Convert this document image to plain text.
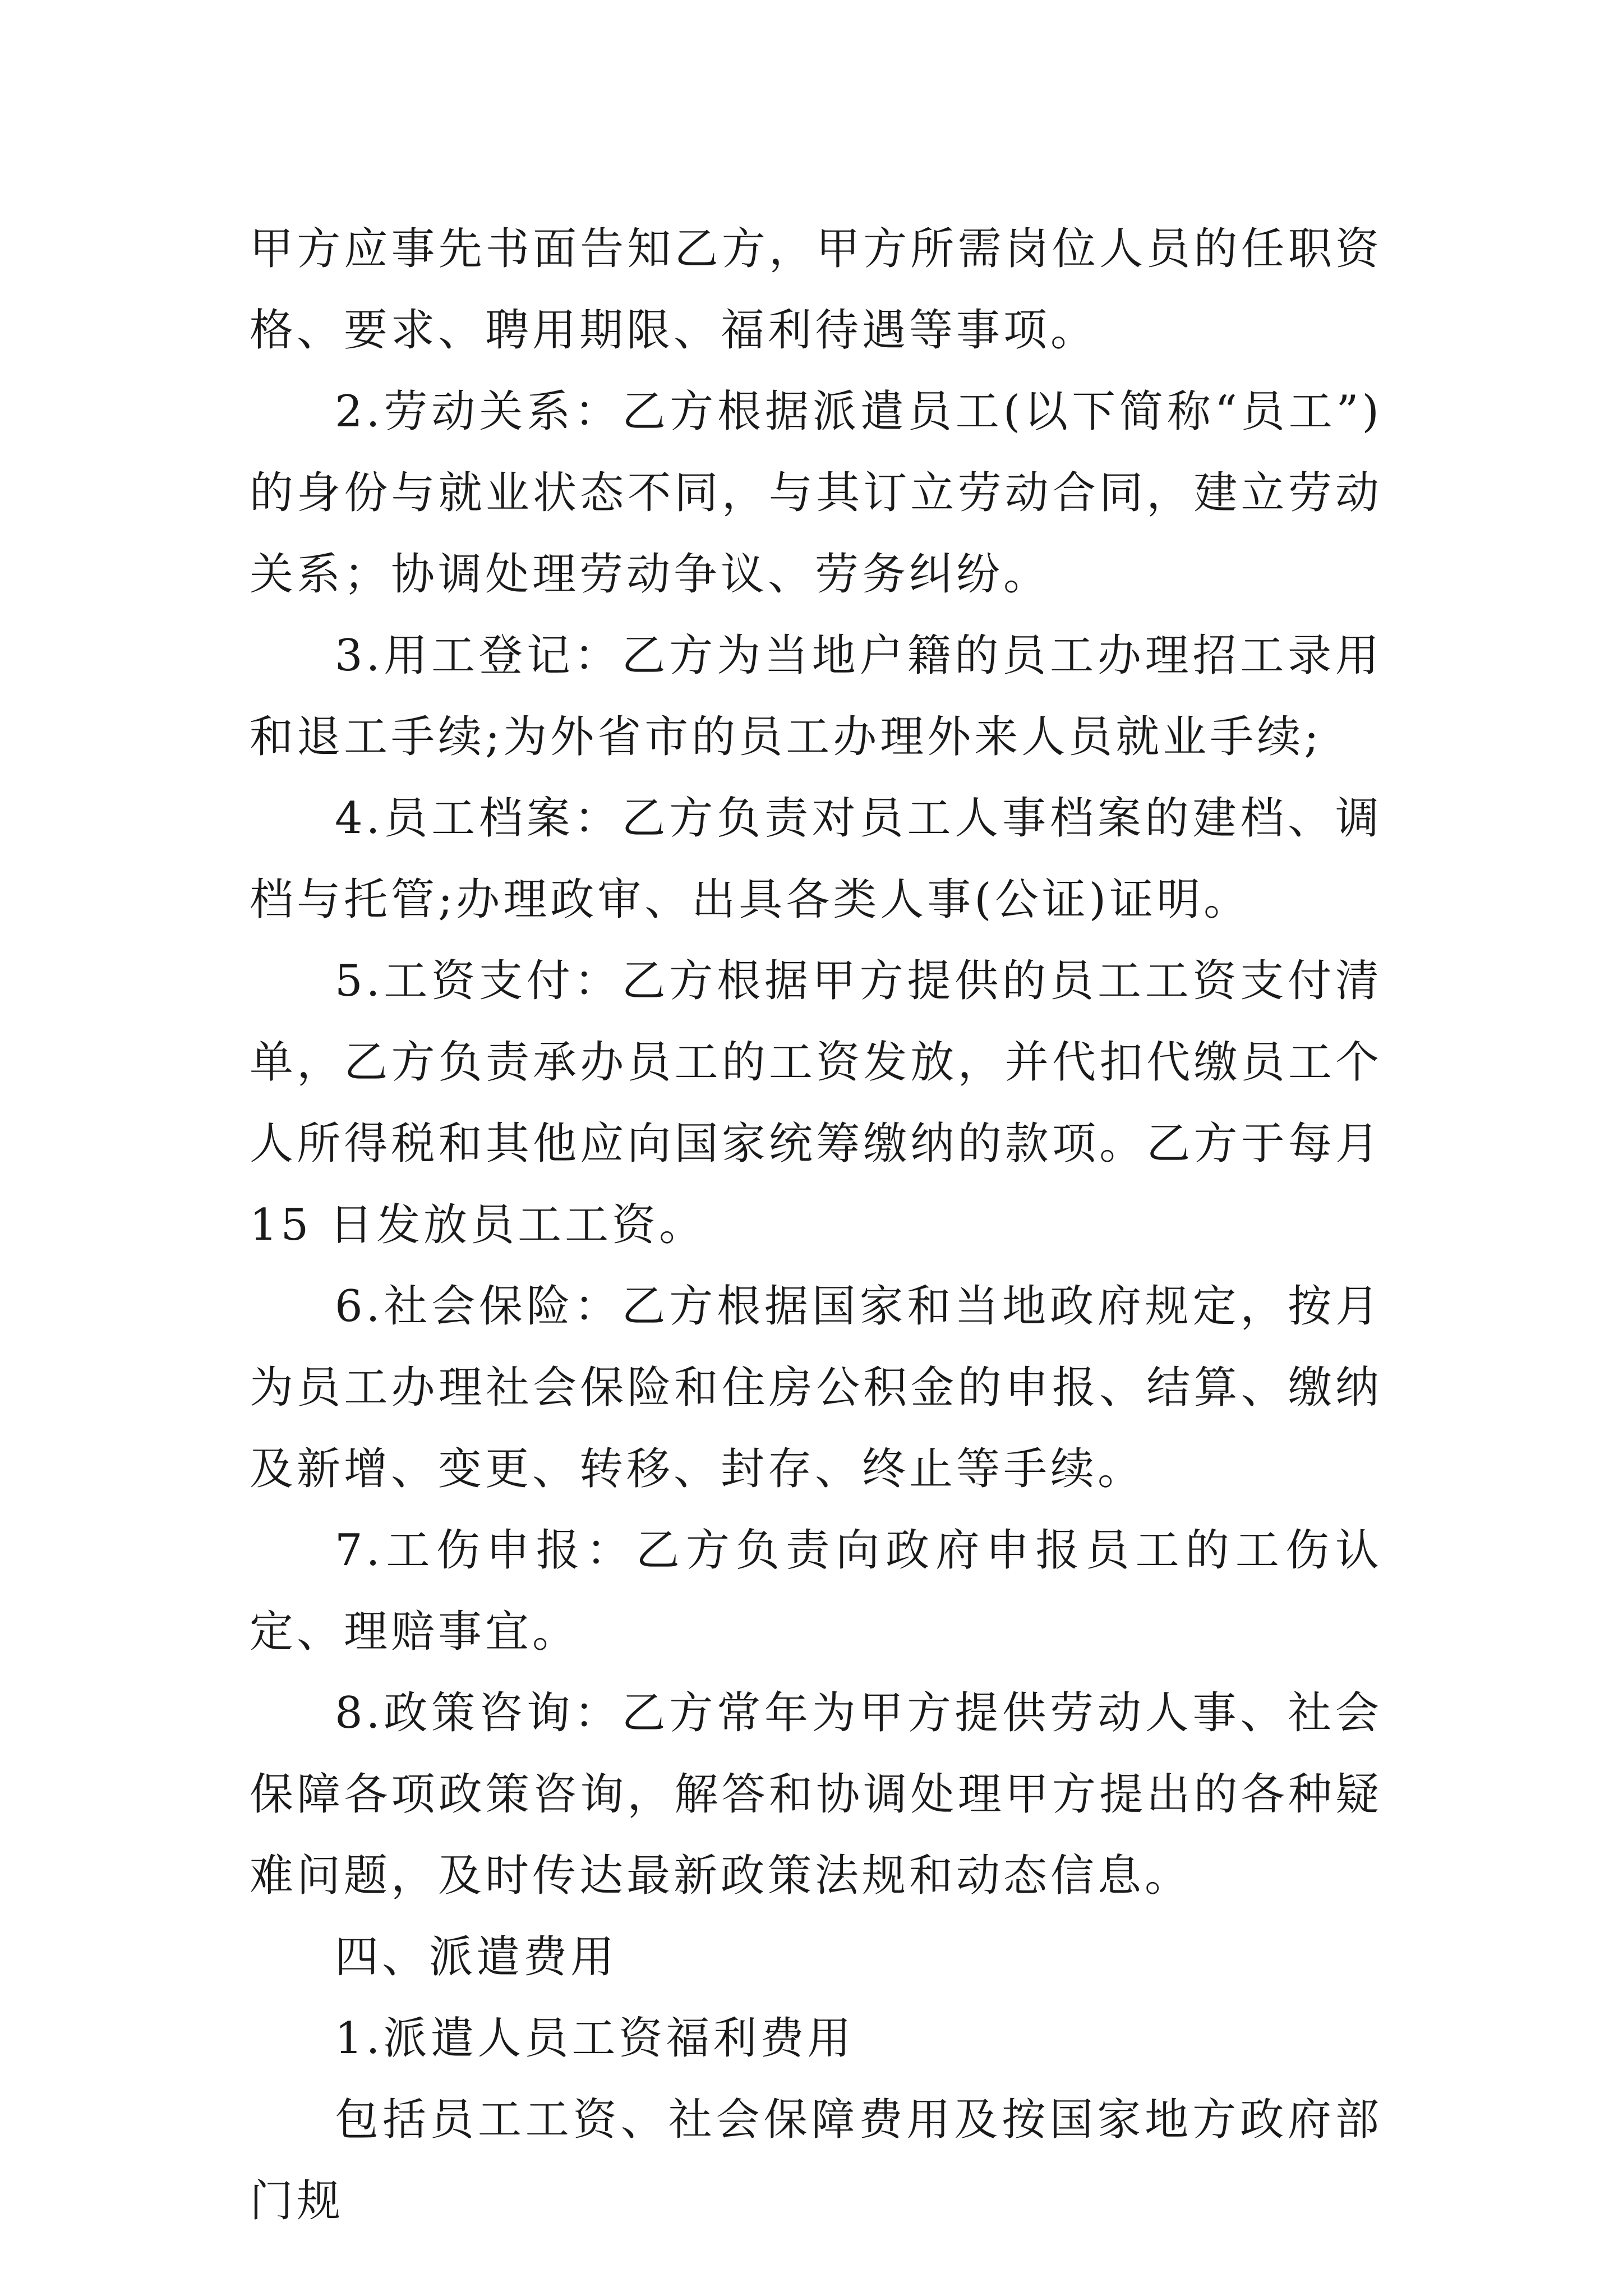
甲方应事先书面告知乙方，甲方所需岗位人员的任职资格、要求、聘用期限、福利待遇等事项。

2.劳动关系：乙方根据派遣员工(以下简称“员工”)的身份与就业状态不同，与其订立劳动合同，建立劳动关系；协调处理劳动争议、劳务纠纷。

3.用工登记：乙方为当地户籍的员工办理招工录用和退工手续;为外省市的员工办理外来人员就业手续;

4.员工档案：乙方负责对员工人事档案的建档、调档与托管;办理政审、出具各类人事(公证)证明。

5.工资支付：乙方根据甲方提供的员工工资支付清单，乙方负责承办员工的工资发放，并代扣代缴员工个人所得税和其他应向国家统筹缴纳的款项。乙方于每月 15 日发放员工工资。

6.社会保险：乙方根据国家和当地政府规定，按月为员工办理社会保险和住房公积金的申报、结算、缴纳及新增、变更、转移、封存、终止等手续。

7.工伤申报：乙方负责向政府申报员工的工伤认定、理赔事宜。

8.政策咨询：乙方常年为甲方提供劳动人事、社会保障各项政策咨询，解答和协调处理甲方提出的各种疑难问题，及时传达最新政策法规和动态信息。

四、派遣费用

1.派遣人员工资福利费用

包括员工工资、社会保障费用及按国家地方政府部门规
